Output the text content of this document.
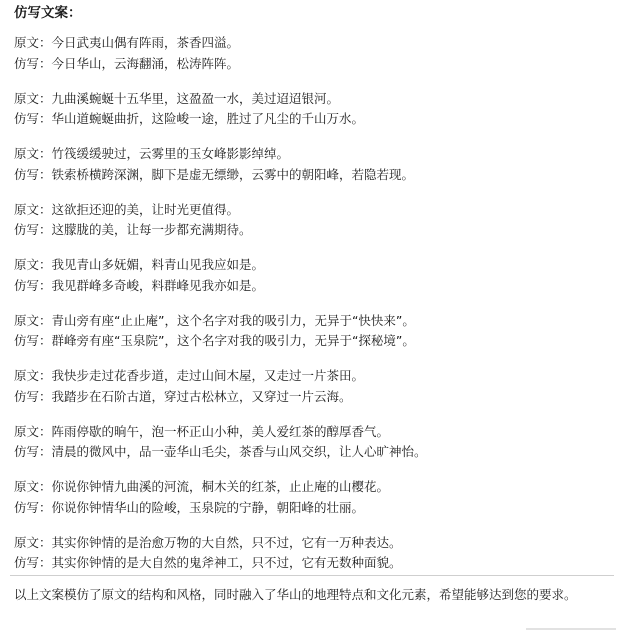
仿写文案：
原文：今日武夷山偶有阵雨，茶香四溢。
仿写：今日华山，云海翻涌，松涛阵阵。
原文：九曲溪蜿蜒十五华里，这盈盈一水，美过迢迢银河。
仿写：华山道蜿蜒曲折，这险峻一途，胜过了凡尘的千山万水。
原文：竹筏缓缓驶过，云雾里的玉女峰影影绰绰。
仿写：铁索桥横跨深渊，脚下是虚无缥缈，云雾中的朝阳峰，若隐若现。
原文：这欲拒还迎的美，让时光更值得。
仿写：这朦胧的美，让每一步都充满期待。
原文：我见青山多妩媚，料青山见我应如是。
仿写：我见群峰多奇峻，料群峰见我亦如是。
原文：青山旁有座“止止庵”，这个名字对我的吸引力，无异于“快快来”。
仿写：群峰旁有座“玉泉院”，这个名字对我的吸引力，无异于“探秘境”。
原文：我快步走过花香步道，走过山间木屋，又走过一片茶田。
仿写：我踏步在石阶古道，穿过古松林立，又穿过一片云海。
原文：阵雨停歇的晌午，泡一杯正山小种，美人爱红茶的醇厚香气。
仿写：清晨的微风中，品一壶华山毛尖，茶香与山风交织，让人心旷神怡。
原文：你说你钟情九曲溪的河流，桐木关的红茶，止止庵的山樱花。
仿写：你说你钟情华山的险峻，玉泉院的宁静，朝阳峰的壮丽。
原文：其实你钟情的是治愈万物的大自然，只不过，它有一万种表达。
仿写：其实你钟情的是大自然的鬼斧神工，只不过，它有无数种面貌。
以上文案模仿了原文的结构和风格，同时融入了华山的地理特点和文化元素，希望能够达到您的要求。
